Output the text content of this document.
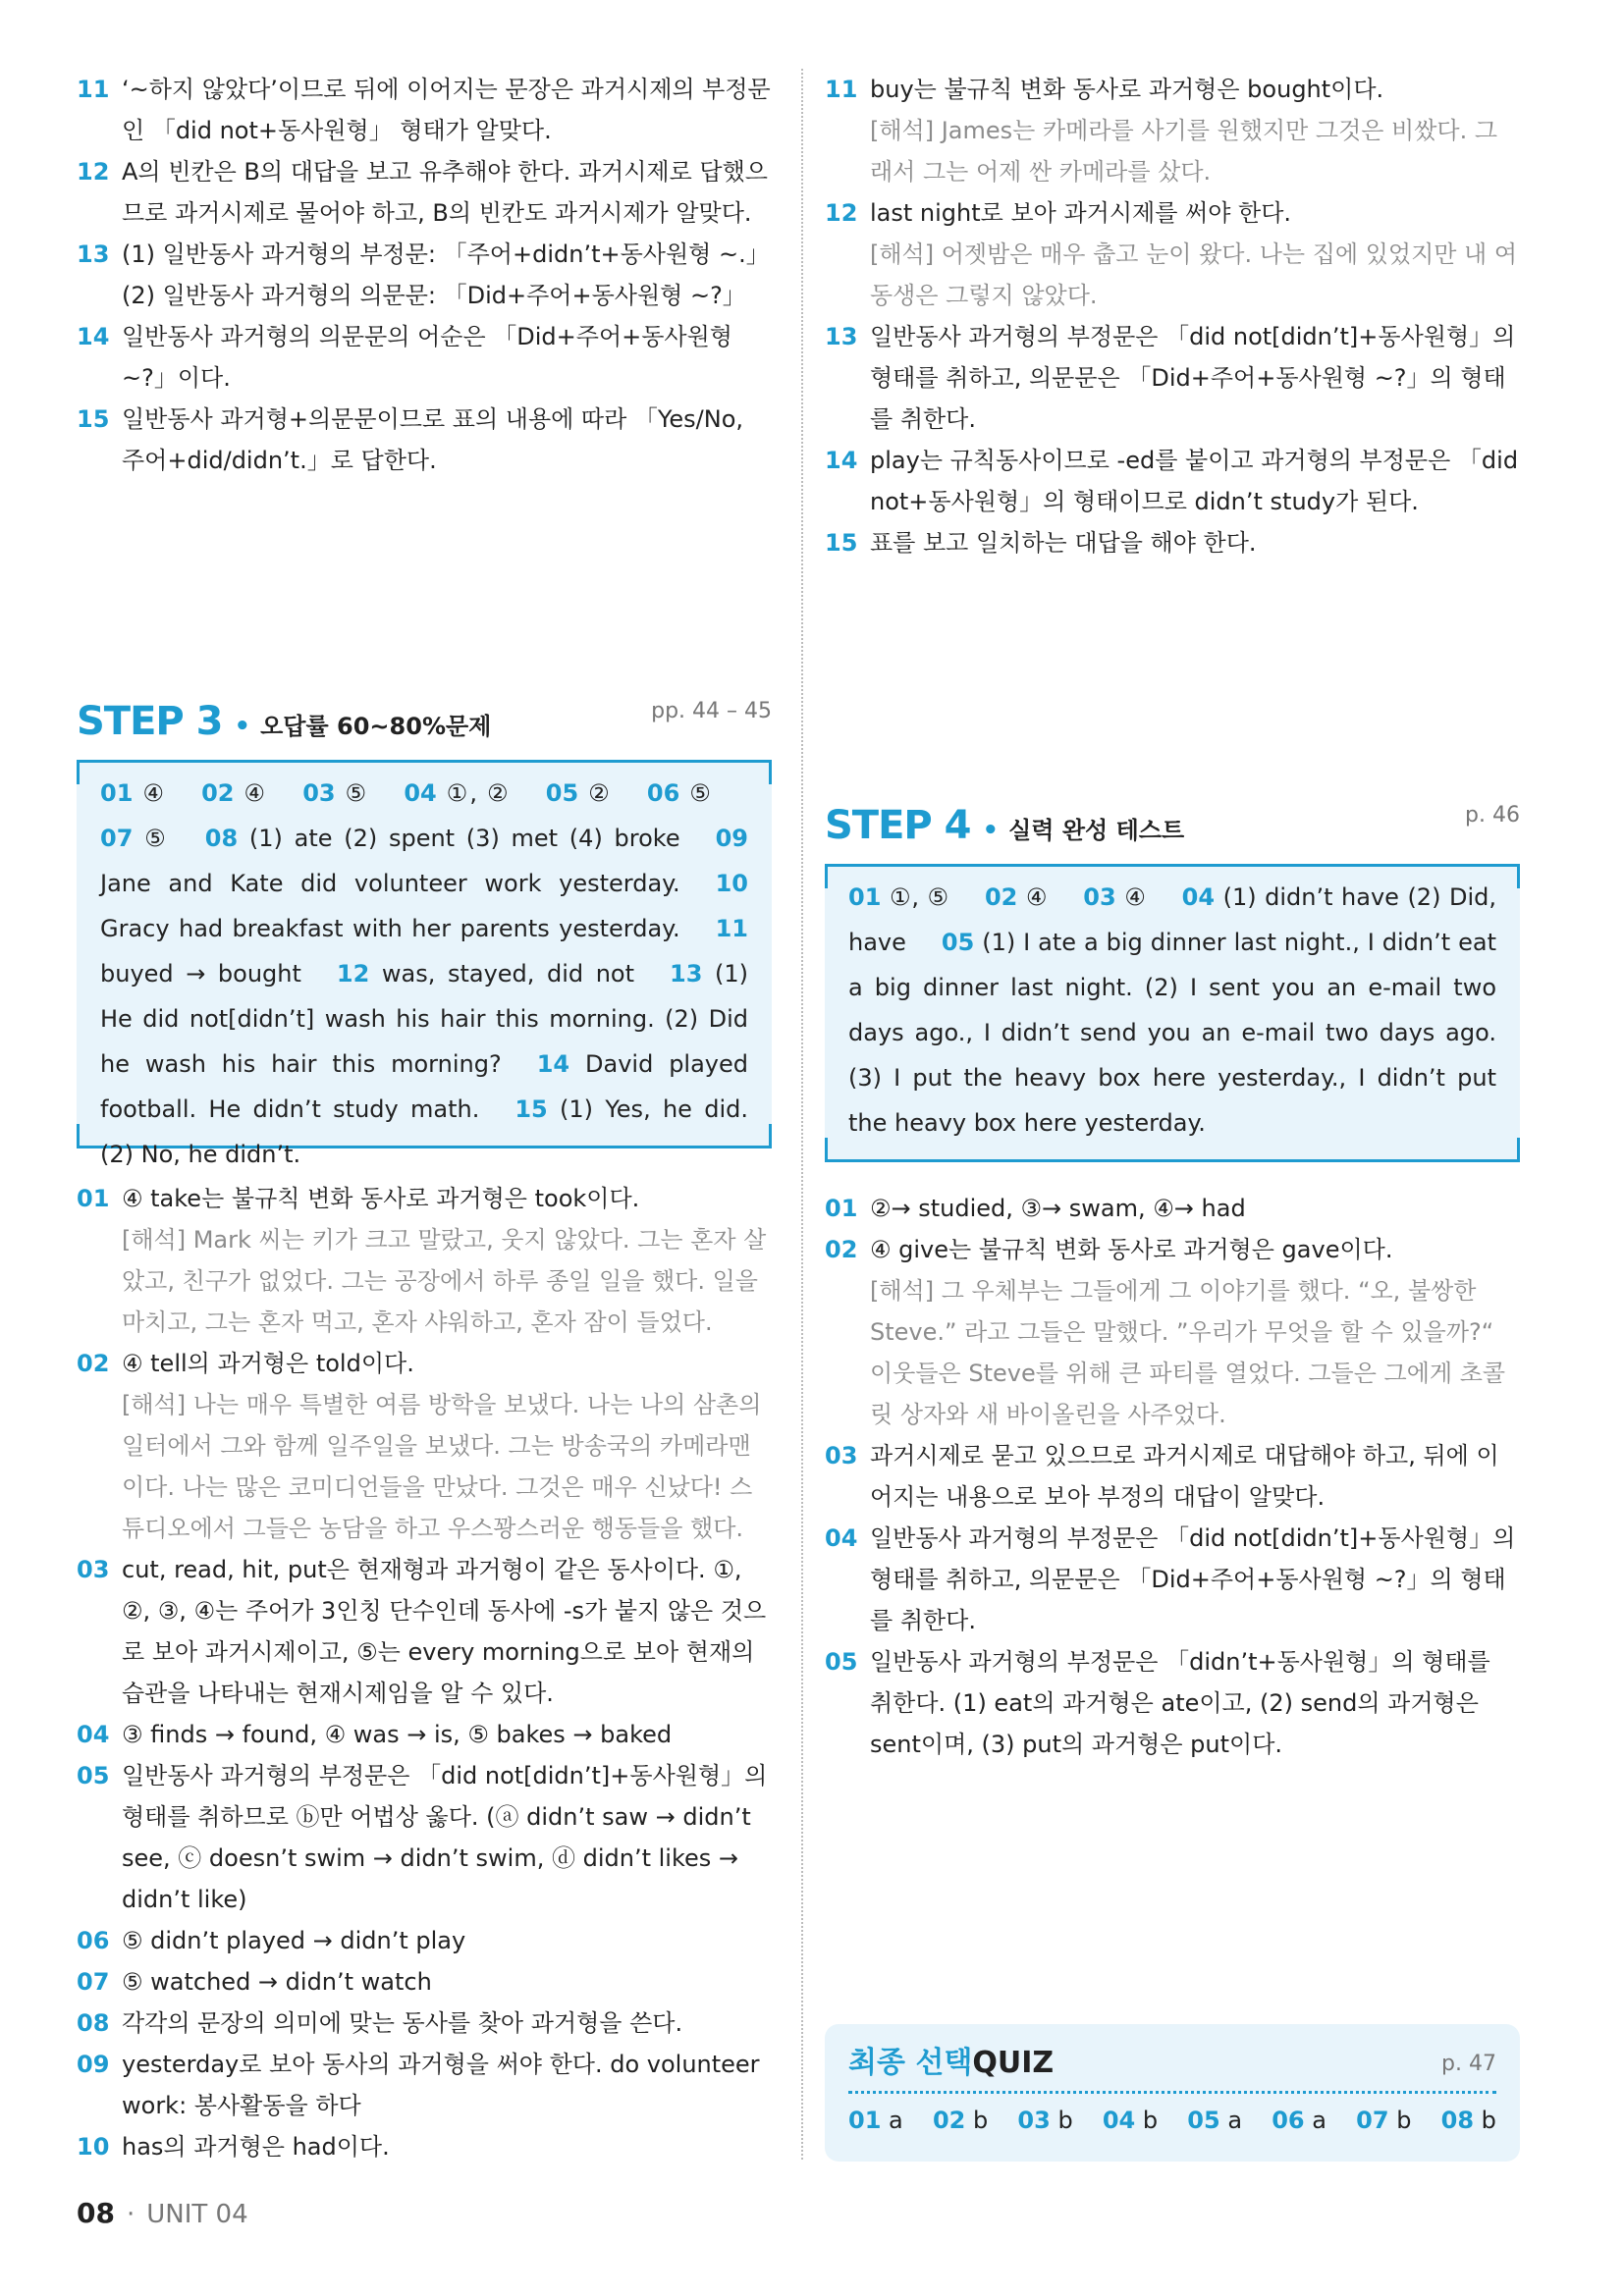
11 ‘~하지 않았다’이므로 뒤에 이어지는 문장은 과거시제의 부정문인 「did not+동사원형」 형태가 알맞다.
12 A의 빈칸은 B의 대답을 보고 유추해야 한다. 과거시제로 답했으므로 과거시제로 물어야 하고, B의 빈칸도 과거시제가 알맞다.
13 (1) 일반동사 과거형의 부정문: 「주어+didn’t+동사원형 ~.」
(2) 일반동사 과거형의 의문문: 「Did+주어+동사원형 ~?」
14 일반동사 과거형의 의문문의 어순은 「Did+주어+동사원형 ~?」이다.
15 일반동사 과거형+의문문이므로 표의 내용에 따라 「Yes/No, 주어+did/didn’t.」로 답한다.
11 buy는 불규칙 변화 동사로 과거형은 bought이다.
[해석] James는 카메라를 사기를 원했지만 그것은 비쌌다. 그래서 그는 어제 싼 카메라를 샀다.
12 last night로 보아 과거시제를 써야 한다.
[해석] 어젯밤은 매우 춥고 눈이 왔다. 나는 집에 있었지만 내 여동생은 그렇지 않았다.
13 일반동사 과거형의 부정문은 「did not[didn’t]+동사원형」의 형태를 취하고, 의문문은 「Did+주어+동사원형 ~?」의 형태를 취한다.
14 play는 규칙동사이므로 -ed를 붙이고 과거형의 부정문은 「did not+동사원형」의 형태이므로 didn’t study가 된다.
15 표를 보고 일치하는 대답을 해야 한다.
STEP 3 • 오답률 60~80%문제
pp. 44 – 45
01 ④   02 ④   03 ⑤   04 ①, ②   05 ②   06 ⑤  07 ⑤   08 (1) ate (2) spent (3) met (4) broke   09 Jane and Kate did volunteer work yesterday.   10 Gracy had breakfast with her parents yesterday.   11 buyed → bought   12 was, stayed, did not   13 (1) He did not[didn’t] wash his hair this morning. (2) Did he wash his hair this morning?   14 David played football. He didn’t study math.   15 (1) Yes, he did. (2) No, he didn’t.  
01 ④ take는 불규칙 변화 동사로 과거형은 took이다.
[해석] Mark 씨는 키가 크고 말랐고, 웃지 않았다. 그는 혼자 살았고, 친구가 없었다. 그는 공장에서 하루 종일 일을 했다. 일을 마치고, 그는 혼자 먹고, 혼자 샤워하고, 혼자 잠이 들었다.
02 ④ tell의 과거형은 told이다.
[해석] 나는 매우 특별한 여름 방학을 보냈다. 나는 나의 삼촌의 일터에서 그와 함께 일주일을 보냈다. 그는 방송국의 카메라맨이다. 나는 많은 코미디언들을 만났다. 그것은 매우 신났다! 스튜디오에서 그들은 농담을 하고 우스꽝스러운 행동들을 했다.
03 cut, read, hit, put은 현재형과 과거형이 같은 동사이다. ①, ②, ③, ④는 주어가 3인칭 단수인데 동사에 -s가 붙지 않은 것으로 보아 과거시제이고, ⑤는 every morning으로 보아 현재의 습관을 나타내는 현재시제임을 알 수 있다.
04 ③ finds → found, ④ was → is, ⑤ bakes → baked
05 일반동사 과거형의 부정문은 「did not[didn’t]+동사원형」의 형태를 취하므로 ⓑ만 어법상 옳다. (ⓐ didn’t saw → didn’t see, ⓒ doesn’t swim → didn’t swim, ⓓ didn’t likes → didn’t like)
06 ⑤ didn’t played → didn’t play
07 ⑤ watched → didn’t watch
08 각각의 문장의 의미에 맞는 동사를 찾아 과거형을 쓴다.
09 yesterday로 보아 동사의 과거형을 써야 한다. do volunteer work: 봉사활동을 하다
10 has의 과거형은 had이다.
STEP 4 • 실력 완성 테스트
p. 46
01 ①, ⑤   02 ④   03 ④   04 (1) didn’t have (2) Did, have   05 (1) I ate a big dinner last night., I didn’t eat a big dinner last night. (2) I sent you an e-mail two days ago., I didn’t send you an e-mail two days ago. (3) I put the heavy box here yesterday., I didn’t put the heavy box here yesterday.  
01 ②→ studied, ③→ swam, ④→ had
02 ④ give는 불규칙 변화 동사로 과거형은 gave이다.
[해석] 그 우체부는 그들에게 그 이야기를 했다. “오, 불쌍한 Steve.” 라고 그들은 말했다. ”우리가 무엇을 할 수 있을까?“ 이웃들은 Steve를 위해 큰 파티를 열었다. 그들은 그에게 초콜릿 상자와 새 바이올린을 사주었다.
03 과거시제로 묻고 있으므로 과거시제로 대답해야 하고, 뒤에 이어지는 내용으로 보아 부정의 대답이 알맞다.
04 일반동사 과거형의 부정문은 「did not[didn’t]+동사원형」의 형태를 취하고, 의문문은 「Did+주어+동사원형 ~?」의 형태를 취한다.
05 일반동사 과거형의 부정문은 「didn’t+동사원형」의 형태를 취한다. (1) eat의 과거형은 ate이고, (2) send의 과거형은 sent이며, (3) put의 과거형은 put이다.
최종 선택QUIZ	p. 47
01 a 02 b 03 b 04 b 05 a 06 a 07 b 08 b
08 · UNIT 04
